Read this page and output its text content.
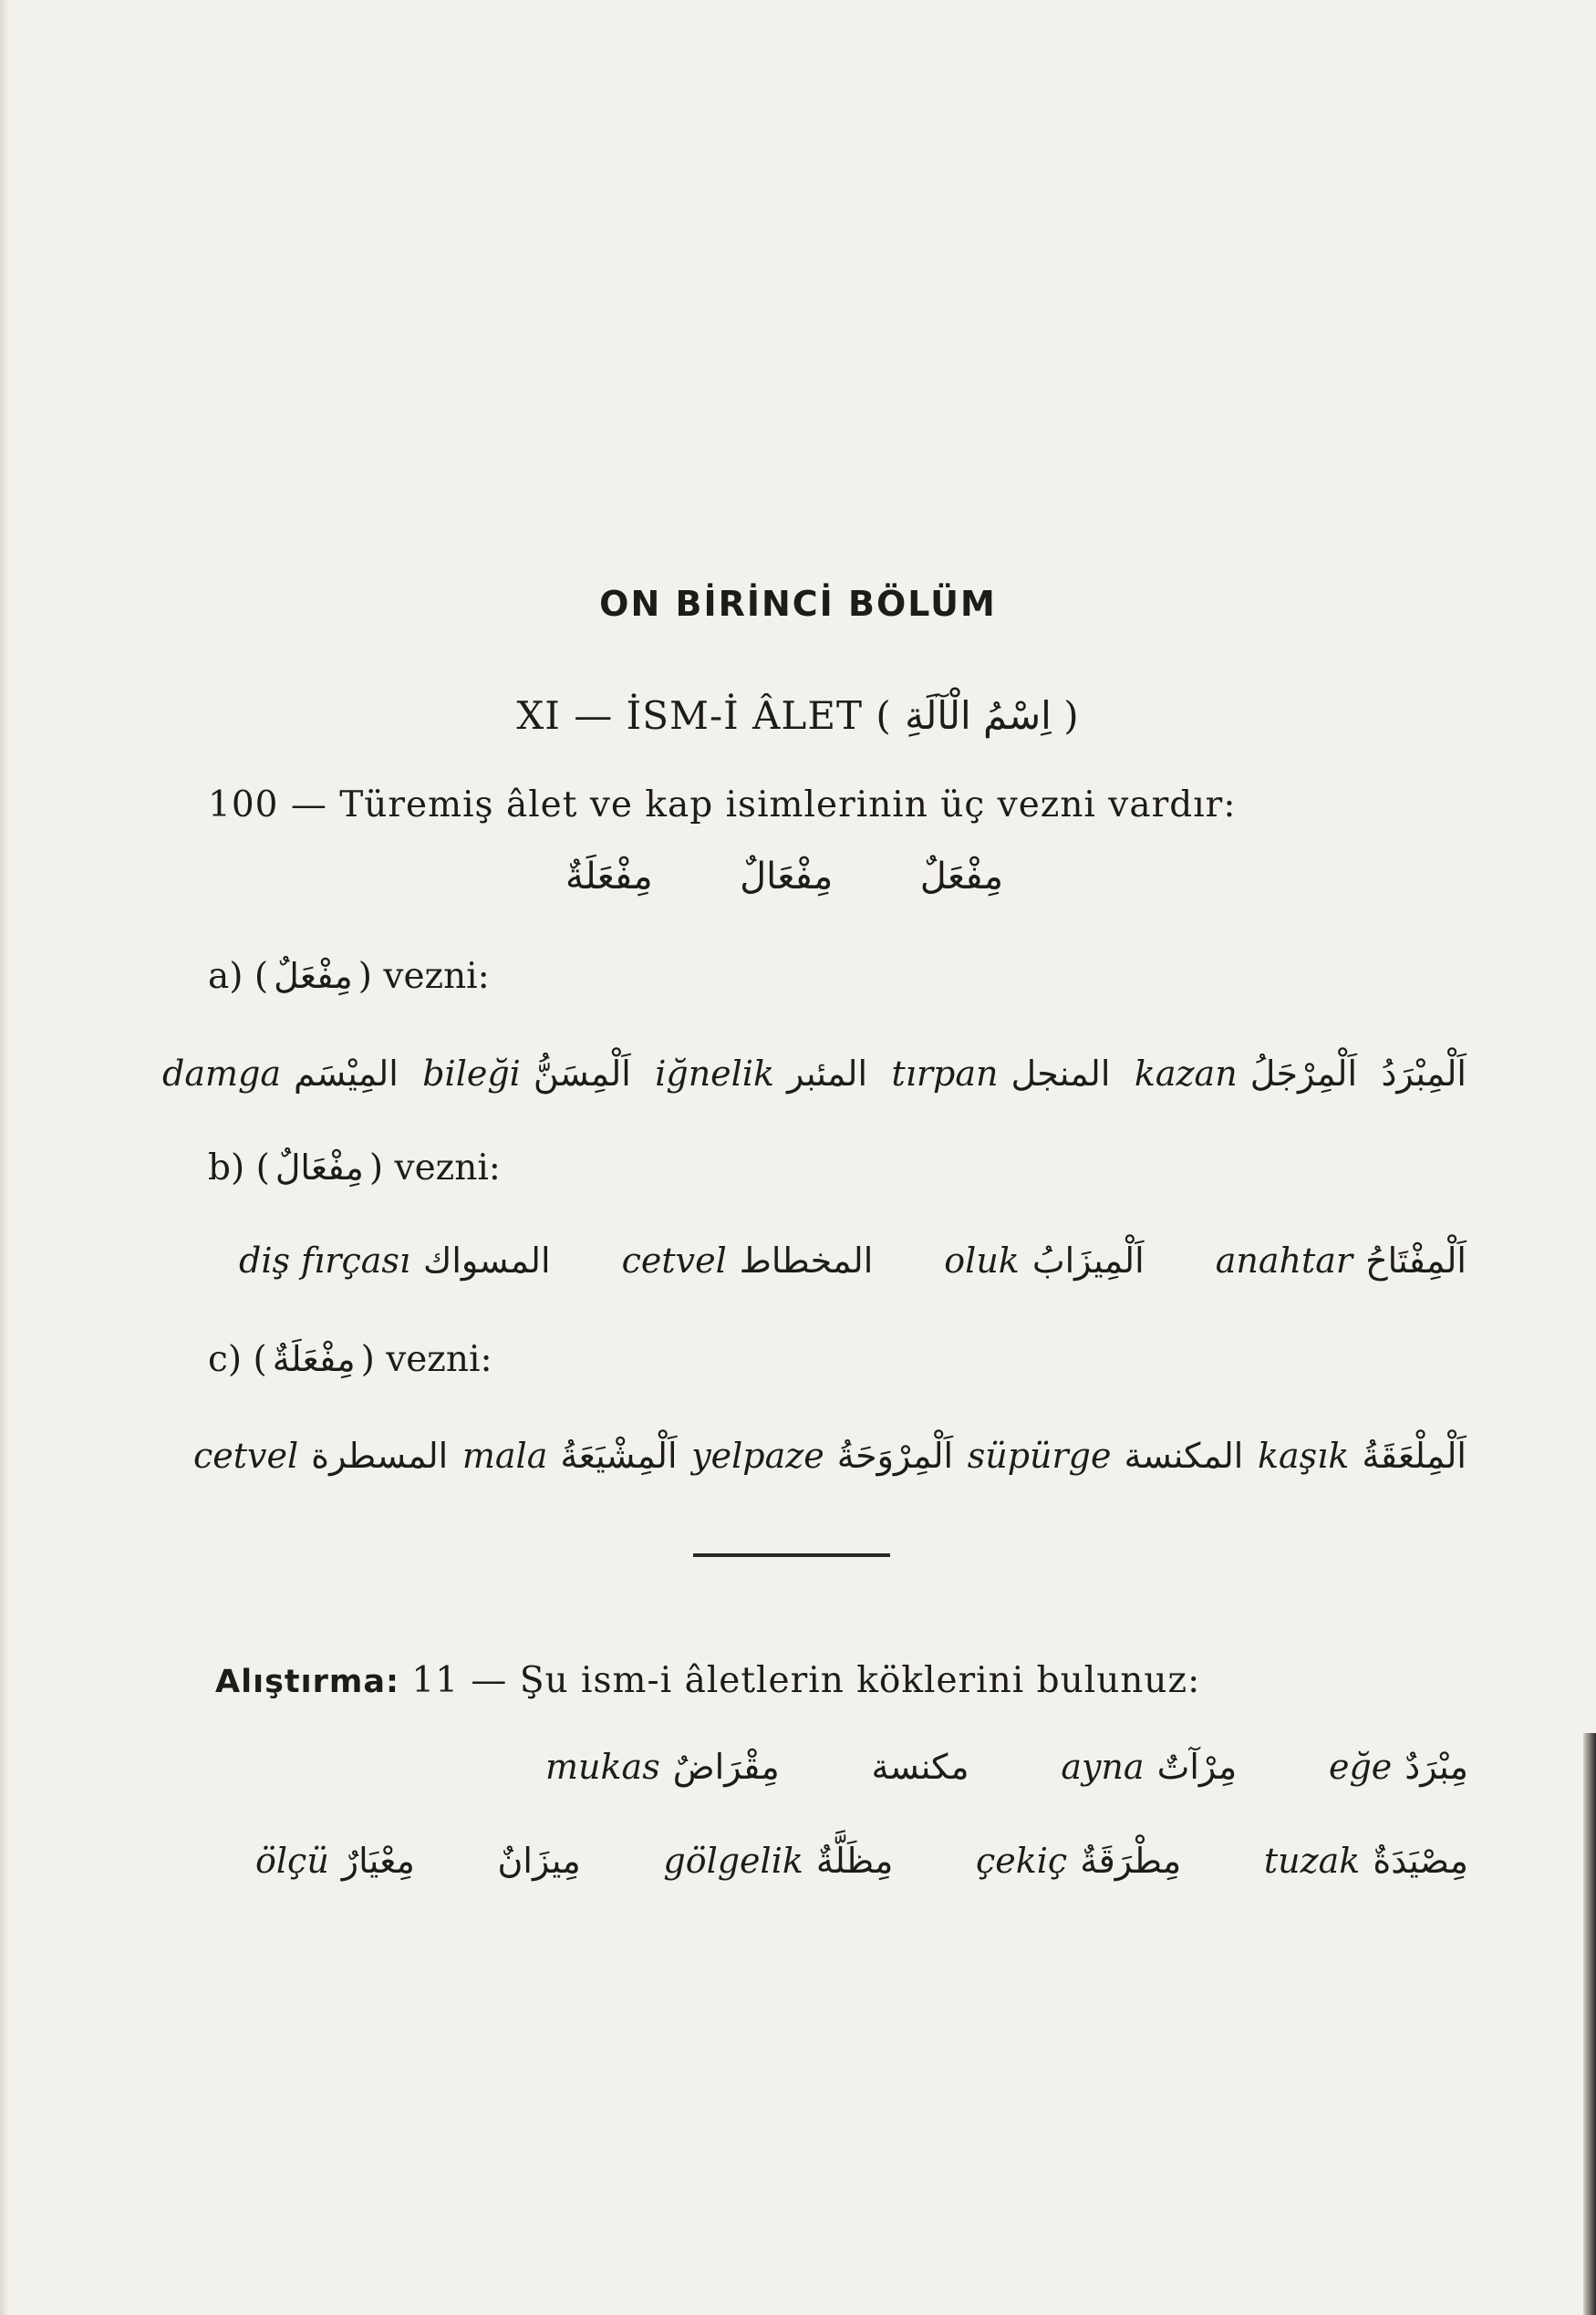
ON BİRİNCİ BÖLÜM
XI — İSM-İ ÂLET ( اِسْمُ الْآلَةِ )
100 — Türemiş âlet ve kap isimlerinin üç vezni vardır:
مِفْعَلٌ
مِفْعَالٌ
مِفْعَلَةٌ
a) ( مِفْعَلٌ ) vezni:
damga المِيْسَم bileği اَلْمِسَنُّ iğnelik المئبر tırpan المنجل kazan اَلْمِرْجَلُ اَلْمِبْرَدُ
b) ( مِفْعَالٌ ) vezni:
diş fırçası المسواك cetvel المخطاط oluk اَلْمِيزَابُ anahtar اَلْمِفْتَاحُ
c) ( مِفْعَلَةٌ ) vezni:
cetvel المسطرة mala اَلْمِشْيَعَةُ yelpaze اَلْمِرْوَحَةُ süpürge المكنسة kaşık اَلْمِلْعَقَةُ
Alıştırma: 11 — Şu ism-i âletlerin köklerini bulunuz:
mukas مِقْرَاضٌ	مكنسة	ayna مِرْآتٌ	eğe مِبْرَدٌ
ölçü مِعْيَارٌ مِيزَانٌ gölgelik مِظَلَّةٌ çekiç مِطْرَقَةٌ tuzak مِصْيَدَةٌ
